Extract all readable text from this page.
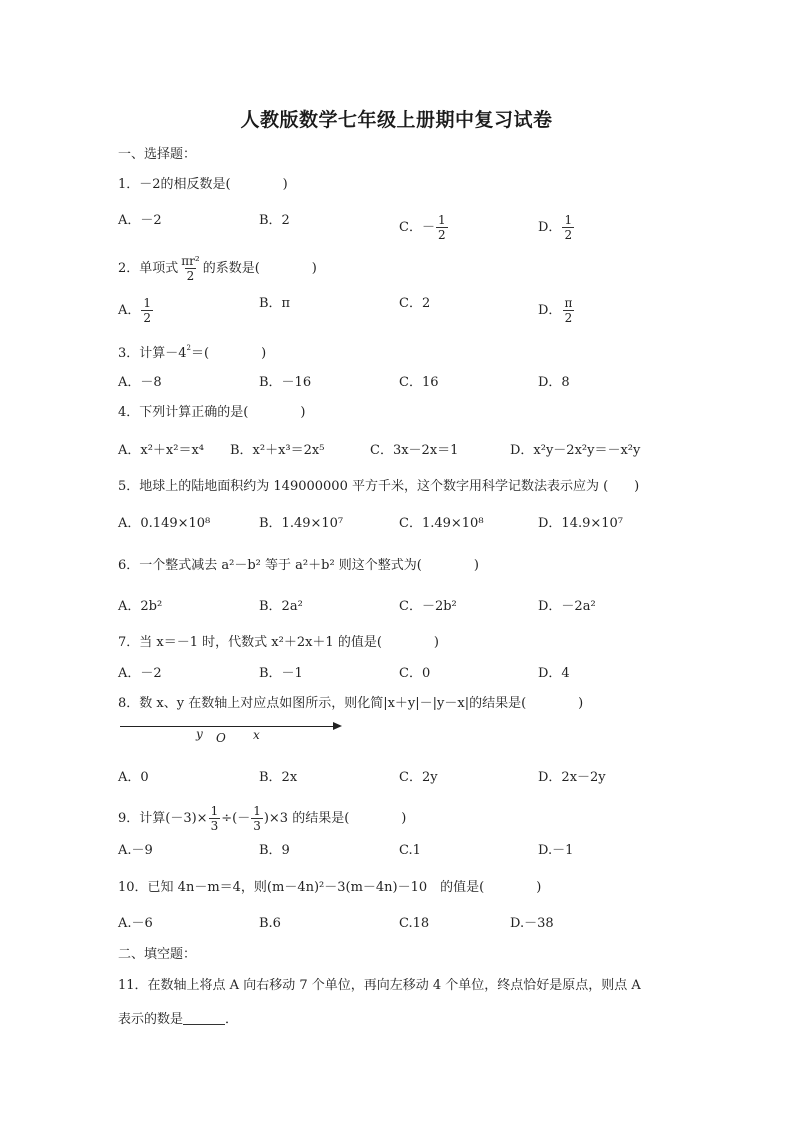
人教版数学七年级上册期中复习试卷
一、选择题：
1．－2的相反数是(　　　　)
A．－2	B．2	C．－ $\frac{1}{2}$	D． $\frac{1}{2}$
2．单项式 $\frac{\text{πr²}}{2}$ 的系数是(　　　　)
A． $\frac{1}{2}$	B．π	C．2	D． $\frac{\pi}{2}$
3．计算$-4^2=$(　　　　)
A．－8	B．－16	C．16	D．8
4．下列计算正确的是(　　　　)
A．x²＋x²＝x⁴ B．x²＋x³＝2x⁵	C．3x－2x＝1	D．x²y－2x²y＝－x²y
5．地球上的陆地面积约为 149000000 平方千米，这个数字用科学记数法表示应为 (　　)
A．0.149×10⁸	B．1.49×10⁷	C．1.49×10⁸	D．14.9×10⁷
6．一个整式减去 a²－b² 等于 a²＋b² 则这个整式为(　　　　)
A．2b²	B．2a²	C．－2b²	D．－2a²
7．当 x＝－1 时，代数式 x²＋2x＋1 的值是(　　　　)
A．－2	B．－1	C．0	D．4
8．数 x、y 在数轴上对应点如图所示，则化简|x＋y|－|y－x|的结果是(　　　　)
y O x
A．0	B．2x	C．2y	D．2x－2y
9．计算$(-3)\times \frac{1}{3}$ ÷(－ $\frac{1}{3} )\times 3$ 的结果是(　　　　)
A.－9	B．9	C.1	D.－1
10．已知 4n－m＝4，则(m－4n)²－3(m－4n)－10　的值是(　　　　)
A.－6	B.6	C.18	D.－38
二、填空题：
11．在数轴上将点 A 向右移动 7 个单位，再向左移动 4 个单位，终点恰好是原点，则点 A
表示的数是	．
